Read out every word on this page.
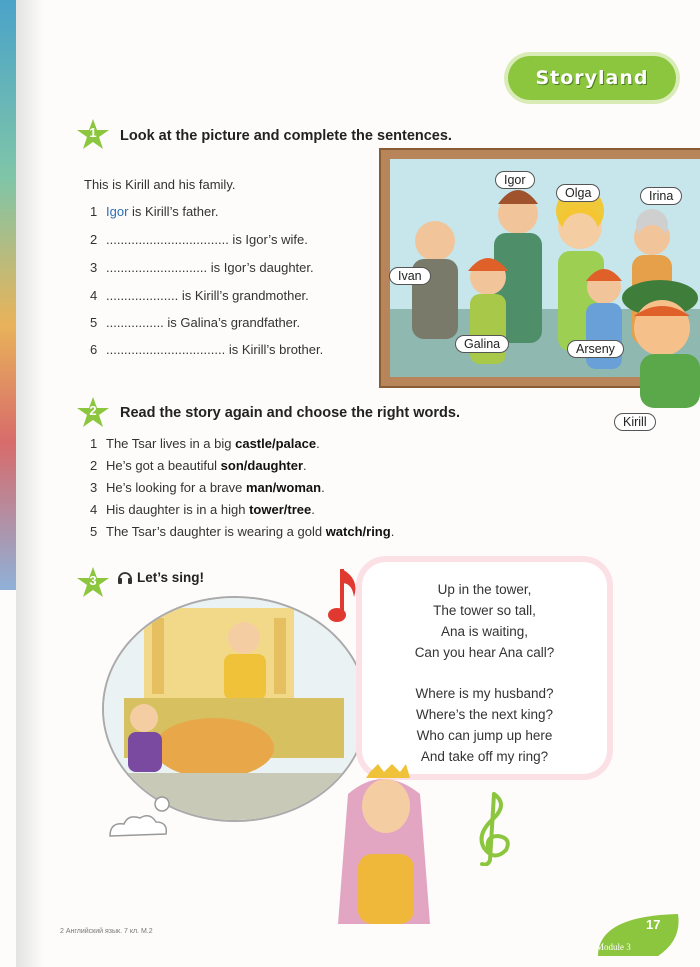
Storyland
1	Look at the picture and complete the sentences.
This is Kirill and his family.
1 Igor is Kirill’s father.
2 .................................. is Igor’s wife.
3 ............................ is Igor’s daughter.
4 .................... is Kirill’s grandmother.
5 ................ is Galina’s grandfather.
6 ................................. is Kirill’s brother.
Igor
Olga	Irina
Ivan
Galina	Arseny
Kirill
2	Read the story again and choose the right words.
1 The Tsar lives in a big castle/palace.
2 He’s got a beautiful son/daughter.
3 He’s looking for a brave man/woman.
4 His daughter is in a high tower/tree.
5 The Tsar’s daughter is wearing a gold watch/ring.
3	Let’s sing!
Up in the tower,
The tower so tall,
Ana is waiting,
Can you hear Ana call?
Where is my husband?
Where’s the next king?
Who can jump up here
And take off my ring?
2 Английский язык. 7 кл. М.2	17
Module 3
